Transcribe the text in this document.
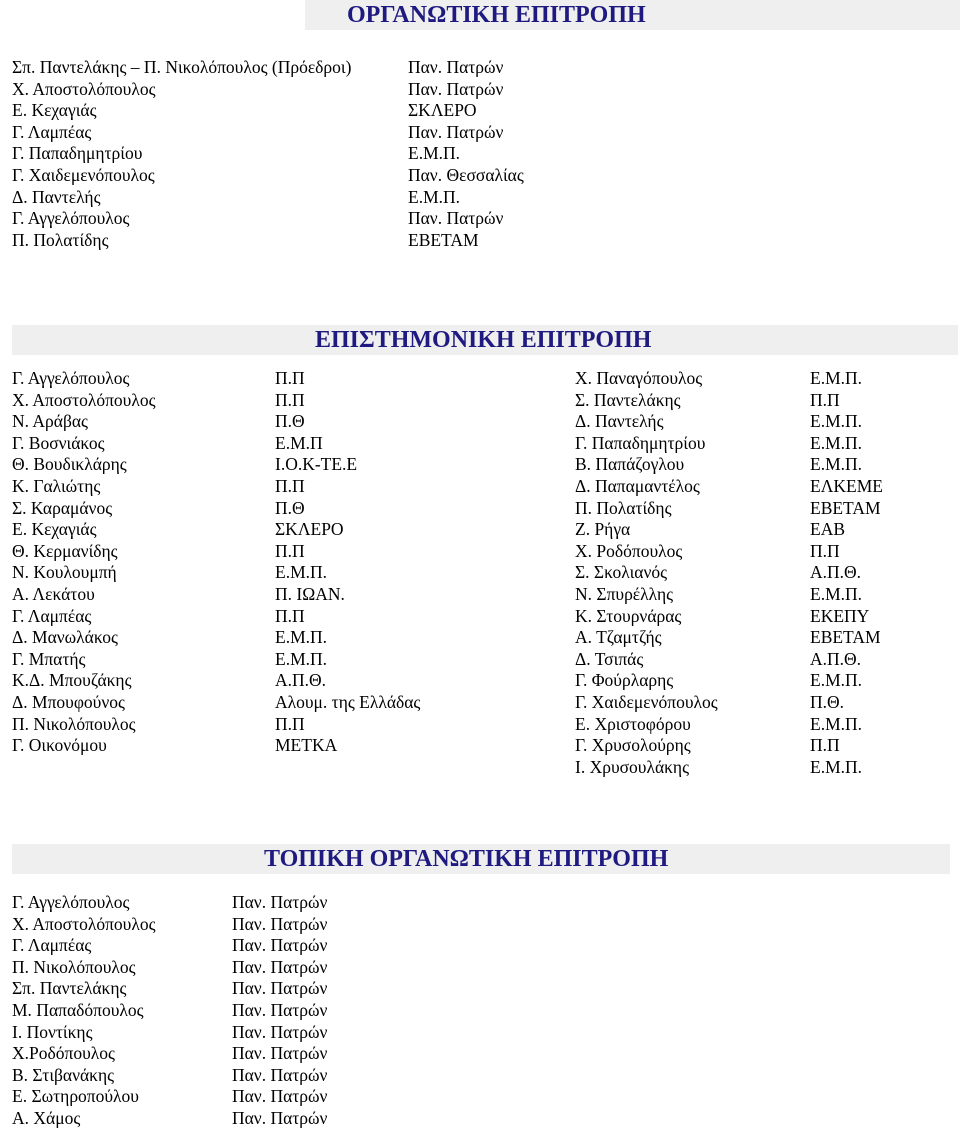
ΟΡΓΑΝΩΤΙΚΗ ΕΠΙΤΡΟΠΗ
Σπ. Παντελάκης – Π. Νικολόπουλος (Πρόεδροι)	Παν. Πατρών
Χ. Αποστολόπουλος	Παν. Πατρών
Ε. Κεχαγιάς	ΣΚΛΕΡΟ
Γ. Λαμπέας	Παν. Πατρών
Γ. Παπαδημητρίου	Ε.Μ.Π.
Γ. Χαιδεμενόπουλος	Παν. Θεσσαλίας
Δ. Παντελής	Ε.Μ.Π.
Γ. Αγγελόπουλος	Παν. Πατρών
Π. Πολατίδης	ΕΒΕΤΑΜ
ΕΠΙΣΤΗΜΟΝΙΚΗ ΕΠΙΤΡΟΠΗ
Γ. Αγγελόπουλος	Π.Π
Χ. Αποστολόπουλος	Π.Π
Ν. Αράβας	Π.Θ
Γ. Βοσνιάκος	Ε.Μ.Π
Θ. Βουδικλάρης	Ι.Ο.Κ-ΤΕ.Ε
Κ. Γαλιώτης	Π.Π
Σ. Καραμάνος	Π.Θ
Ε. Κεχαγιάς	ΣΚΛΕΡΟ
Θ. Κερμανίδης	Π.Π
Ν. Κουλουμπή	Ε.Μ.Π.
Α. Λεκάτου	Π. ΙΩΑΝ.
Γ. Λαμπέας	Π.Π
Δ. Μανωλάκος	Ε.Μ.Π.
Γ. Μπατής	Ε.Μ.Π.
Κ.Δ. Μπουζάκης	Α.Π.Θ.
Δ. Μπουφούνος	Αλουμ. της Ελλάδας
Π. Νικολόπουλος	Π.Π
Γ. Οικονόμου	ΜΕΤΚΑ
Χ. Παναγόπουλος	Ε.Μ.Π.
Σ. Παντελάκης	Π.Π
Δ. Παντελής	Ε.Μ.Π.
Γ. Παπαδημητρίου	Ε.Μ.Π.
Β. Παπάζογλου	Ε.Μ.Π.
Δ. Παπαμαντέλος	ΕΛΚΕΜΕ
Π. Πολατίδης	ΕΒΕΤΑΜ
Ζ. Ρήγα	ΕΑΒ
Χ. Ροδόπουλος	Π.Π
Σ. Σκολιανός	Α.Π.Θ.
Ν. Σπυρέλλης	Ε.Μ.Π.
Κ. Στουρνάρας	ΕΚΕΠΥ
Α. Τζαμτζής	ΕΒΕΤΑΜ
Δ. Τσιπάς	Α.Π.Θ.
Γ. Φούρλαρης	Ε.Μ.Π.
Γ. Χαιδεμενόπουλος	Π.Θ.
Ε. Χριστοφόρου	Ε.Μ.Π.
Γ. Χρυσολούρης	Π.Π
Ι. Χρυσουλάκης	Ε.Μ.Π.
ΤΟΠΙΚΗ ΟΡΓΑΝΩΤΙΚΗ ΕΠΙΤΡΟΠΗ
Γ. Αγγελόπουλος	Παν. Πατρών
Χ. Αποστολόπουλος	Παν. Πατρών
Γ. Λαμπέας	Παν. Πατρών
Π. Νικολόπουλος	Παν. Πατρών
Σπ. Παντελάκης	Παν. Πατρών
Μ. Παπαδόπουλος	Παν. Πατρών
Ι. Ποντίκης	Παν. Πατρών
Χ.Ροδόπουλος	Παν. Πατρών
Β. Στιβανάκης	Παν. Πατρών
Ε. Σωτηροπούλου	Παν. Πατρών
Α. Χάμος	Παν. Πατρών
